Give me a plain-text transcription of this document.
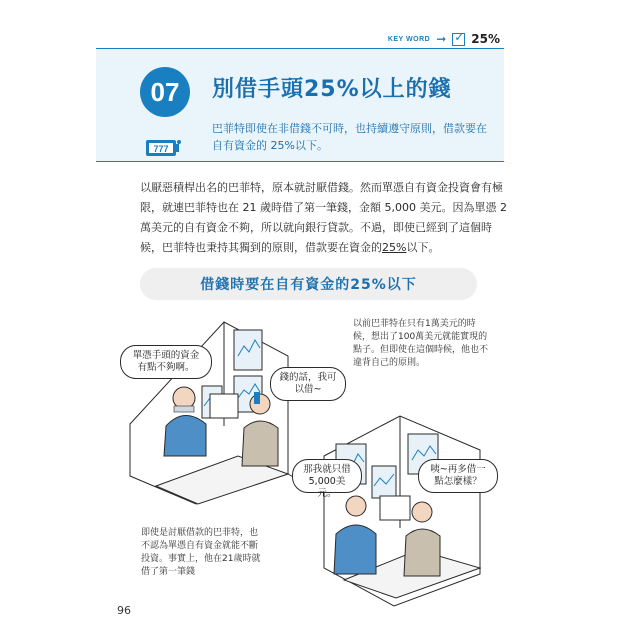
KEY WORD ➞
✓ 25%
07
777
別借手頭25%以上的錢
巴菲特即使在非借錢不可時，也持續遵守原則，借款要在自有資金的 25%以下。
以厭惡積桿出名的巴菲特，原本就討厭借錢。然而單憑自有資金投資會有極限，就連巴菲特也在 21 歲時借了第一筆錢，金額 5,000 美元。因為單憑 2 萬美元的自有資金不夠，所以就向銀行貸款。不過，即使已經到了這個時候，巴菲特也秉持其獨到的原則，借款要在資金的25%以下。
借錢時要在自有資金的25%以下
以前巴菲特在只有1萬美元的時候，想出了100萬美元就能實現的點子。但即使在這個時候，他也不違背自己的原則。
即使是討厭借款的巴菲特，也不認為單憑自有資金就能不斷投資。事實上，他在21歲時就借了第一筆錢
單憑手頭的資金有點不夠啊。
錢的話，我可以借~
那我就只借5,000美元。
咦~再多借一點怎麼樣？
96
